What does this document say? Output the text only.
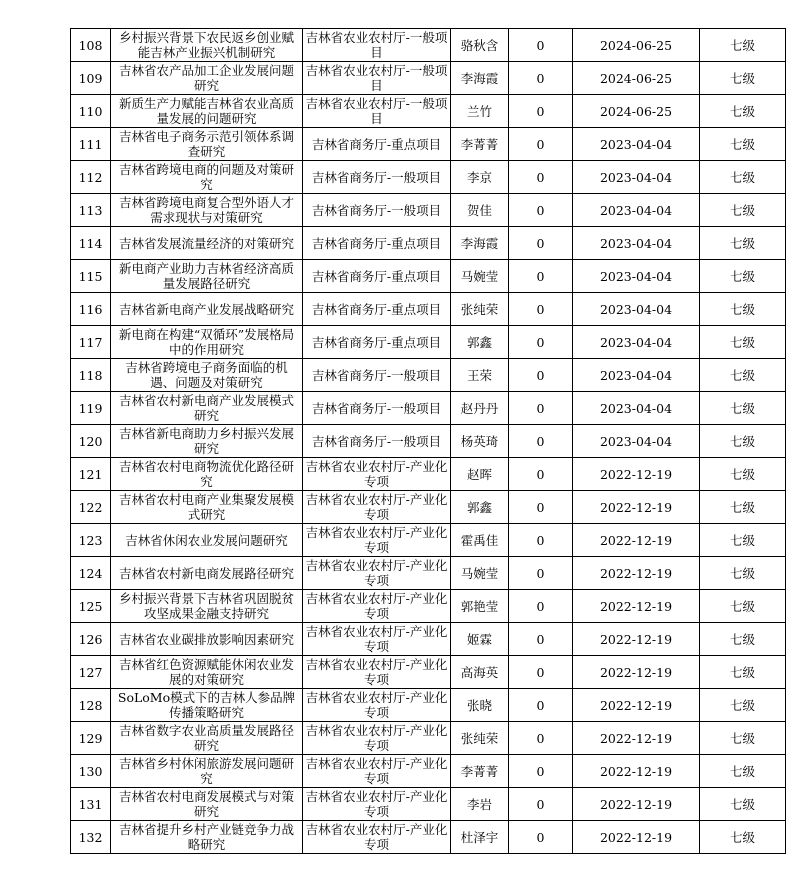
108	乡村振兴背景下农民返乡创业赋能吉林产业振兴机制研究	吉林省农业农村厅-一般项目	骆秋含	0	2024-06-25	七级
109	吉林省农产品加工企业发展问题研究	吉林省农业农村厅-一般项目	李海霞	0	2024-06-25	七级
110	新质生产力赋能吉林省农业高质量发展的问题研究	吉林省农业农村厅-一般项目	兰竹	0	2024-06-25	七级
111	吉林省电子商务示范引领体系调查研究	吉林省商务厅-重点项目	李菁菁	0	2023-04-04	七级
112	吉林省跨境电商的问题及对策研究	吉林省商务厅-一般项目	李京	0	2023-04-04	七级
113	吉林省跨境电商复合型外语人才需求现状与对策研究	吉林省商务厅-一般项目	贺佳	0	2023-04-04	七级
114	吉林省发展流量经济的对策研究	吉林省商务厅-重点项目	李海霞	0	2023-04-04	七级
115	新电商产业助力吉林省经济高质量发展路径研究	吉林省商务厅-重点项目	马婉莹	0	2023-04-04	七级
116	吉林省新电商产业发展战略研究	吉林省商务厅-重点项目	张纯荣	0	2023-04-04	七级
117	新电商在构建“双循环”发展格局中的作用研究	吉林省商务厅-重点项目	郭鑫	0	2023-04-04	七级
118	吉林省跨境电子商务面临的机遇、问题及对策研究	吉林省商务厅-一般项目	王荣	0	2023-04-04	七级
119	吉林省农村新电商产业发展模式研究	吉林省商务厅-一般项目	赵丹丹	0	2023-04-04	七级
120	吉林省新电商助力乡村振兴发展研究	吉林省商务厅-一般项目	杨英琦	0	2023-04-04	七级
121	吉林省农村电商物流优化路径研究	吉林省农业农村厅-产业化专项	赵晖	0	2022-12-19	七级
122	吉林省农村电商产业集聚发展模式研究	吉林省农业农村厅-产业化专项	郭鑫	0	2022-12-19	七级
123	吉林省休闲农业发展问题研究	吉林省农业农村厅-产业化专项	霍禹佳	0	2022-12-19	七级
124	吉林省农村新电商发展路径研究	吉林省农业农村厅-产业化专项	马婉莹	0	2022-12-19	七级
125	乡村振兴背景下吉林省巩固脱贫攻坚成果金融支持研究	吉林省农业农村厅-产业化专项	郭艳莹	0	2022-12-19	七级
126	吉林省农业碳排放影响因素研究	吉林省农业农村厅-产业化专项	姬霖	0	2022-12-19	七级
127	吉林省红色资源赋能休闲农业发展的对策研究	吉林省农业农村厅-产业化专项	高海英	0	2022-12-19	七级
128	SoLoMo模式下的吉林人参品牌传播策略研究	吉林省农业农村厅-产业化专项	张晓	0	2022-12-19	七级
129	吉林省数字农业高质量发展路径研究	吉林省农业农村厅-产业化专项	张纯荣	0	2022-12-19	七级
130	吉林省乡村休闲旅游发展问题研究	吉林省农业农村厅-产业化专项	李菁菁	0	2022-12-19	七级
131	吉林省农村电商发展模式与对策研究	吉林省农业农村厅-产业化专项	李岩	0	2022-12-19	七级
132	吉林省提升乡村产业链竞争力战略研究	吉林省农业农村厅-产业化专项	杜泽宇	0	2022-12-19	七级
